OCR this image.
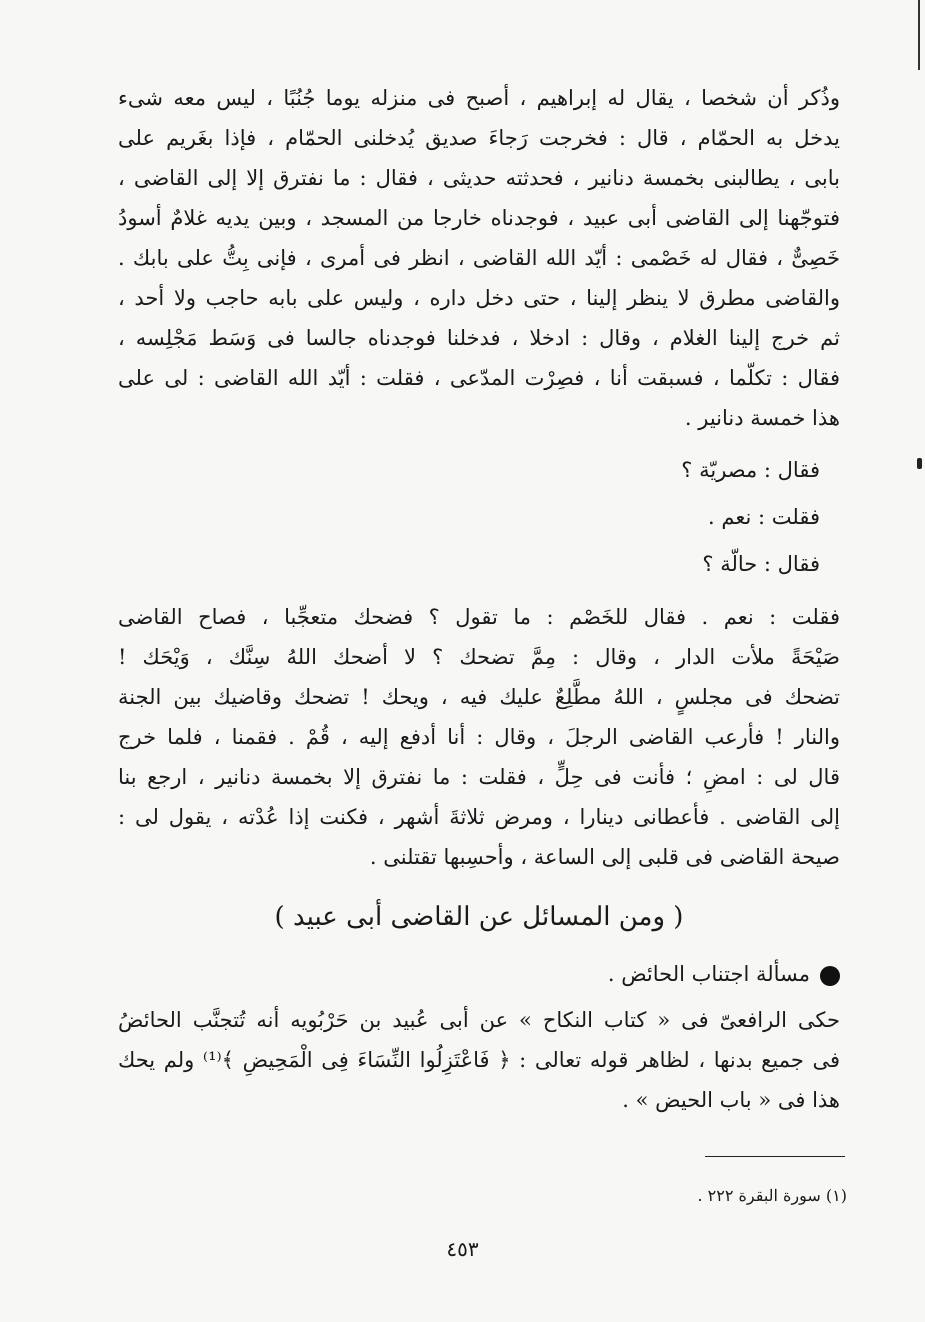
وذُكر أن شخصا ، يقال له إبراهيم ، أصبح فى منزله يوما جُنُبًا ، ليس معه شىء
يدخل به الحمّام ، قال : فخرجت رَجاءَ صديق يُدخلنى الحمّام ، فإذا بغَريم على
بابى ، يطالبنى بخمسة دنانير ، فحدثته حديثى ، فقال : ما نفترق إلا إلى القاضى ،
فتوجّهنا إلى القاضى أبى عبيد ، فوجدناه خارجا من المسجد ، وبين يديه غلامٌ أسودُ
خَصِىٌّ ، فقال له خَصْمى : أيّد الله القاضى ، انظر فى أمرى ، فإنى بِتُّ على بابك .
والقاضى مطرق لا ينظر إلينا ، حتى دخل داره ، وليس على بابه حاجب ولا أحد ،
ثم خرج إلينا الغلام ، وقال : ادخلا ، فدخلنا فوجدناه جالسا فى وَسَط مَجْلِسه ،
فقال : تكلّما ، فسبقت أنا ، فصِرْت المدّعى ، فقلت : أيّد الله القاضى : لى على
هذا خمسة دنانير .
فقال : مصريّة ؟
فقلت : نعم .
فقال : حالّة ؟
فقلت : نعم . فقال للخَصْم : ما تقول ؟ فضحك متعجِّبا ، فصاح القاضى
صَيْحَةً ملأت الدار ، وقال : مِمَّ تضحك ؟ لا أضحك اللهُ سِنَّك ، وَيْحَك !
تضحك فى مجلسٍ ، اللهُ مطَّلِعٌ عليك فيه ، ويحك ! تضحك وقاضيك بين الجنة
والنار ! فأرعب القاضى الرجلَ ، وقال : أنا أدفع إليه ، قُمْ . فقمنا ، فلما خرج
قال لى : امضِ ؛ فأنت فى حِلٍّ ، فقلت : ما نفترق إلا بخمسة دنانير ، ارجع بنا
إلى القاضى . فأعطانى دينارا ، ومرض ثلاثةَ أشهر ، فكنت إذا عُدْته ، يقول لى :
صيحة القاضى فى قلبى إلى الساعة ، وأحسِبها تقتلنى .
( ومن المسائل عن القاضى أبى عبيد )
مسألة اجتناب الحائض .
حكى الرافعىّ فى « كتاب النكاح » عن أبى عُبيد بن حَرْبُويه أنه تُتجنَّب الحائضُ
فى جميع بدنها ، لظاهر قوله تعالى : ﴿ فَاعْتَزِلُوا النِّسَاءَ فِى الْمَحِيضِ ﴾⁽¹⁾ ولم يحك
هذا فى « باب الحيض » .
(١) سورة البقرة ٢٢٢ .
٤٥٣
